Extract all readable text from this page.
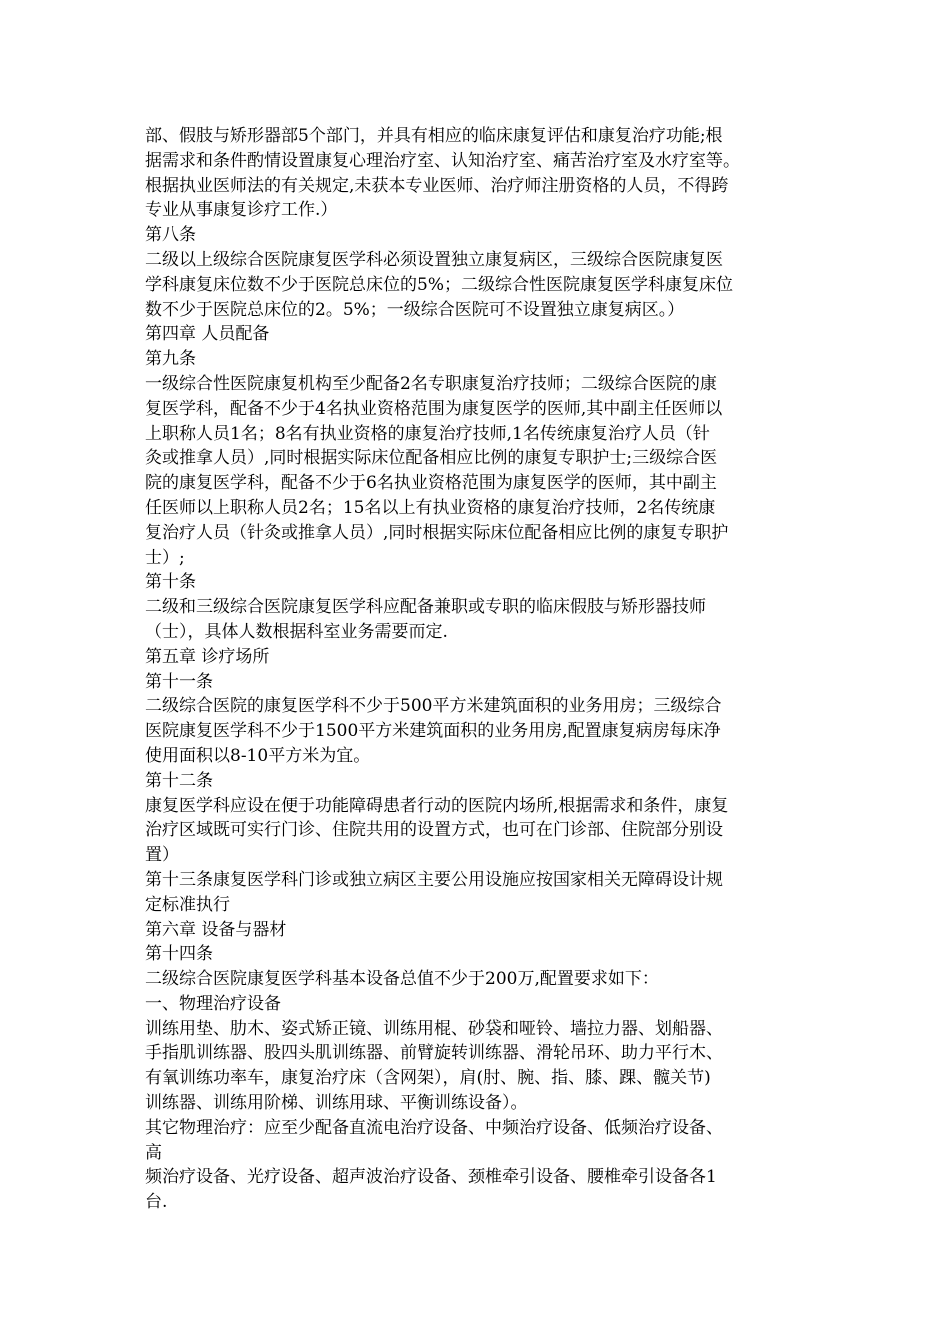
部、假肢与矫形器部5个部门，并具有相应的临床康复评估和康复治疗功能;根
据需求和条件酌情设置康复心理治疗室、认知治疗室、痛苦治疗室及水疗室等。
根据执业医师法的有关规定,未获本专业医师、治疗师注册资格的人员，不得跨
专业从事康复诊疗工作.）
第八条
二级以上级综合医院康复医学科必须设置独立康复病区，三级综合医院康复医
学科康复床位数不少于医院总床位的5%；二级综合性医院康复医学科康复床位
数不少于医院总床位的2。5%；一级综合医院可不设置独立康复病区。）
第四章 人员配备
第九条
一级综合性医院康复机构至少配备2名专职康复治疗技师；二级综合医院的康
复医学科，配备不少于4名执业资格范围为康复医学的医师,其中副主任医师以
上职称人员1名；8名有执业资格的康复治疗技师,1名传统康复治疗人员（针
灸或推拿人员）,同时根据实际床位配备相应比例的康复专职护士;三级综合医
院的康复医学科，配备不少于6名执业资格范围为康复医学的医师，其中副主
任医师以上职称人员2名；15名以上有执业资格的康复治疗技师，2名传统康
复治疗人员（针灸或推拿人员）,同时根据实际床位配备相应比例的康复专职护
士）;
第十条
二级和三级综合医院康复医学科应配备兼职或专职的临床假肢与矫形器技师
（士），具体人数根据科室业务需要而定.
第五章 诊疗场所
第十一条
二级综合医院的康复医学科不少于500平方米建筑面积的业务用房；三级综合
医院康复医学科不少于1500平方米建筑面积的业务用房,配置康复病房每床净
使用面积以8-10平方米为宜。
第十二条
康复医学科应设在便于功能障碍患者行动的医院内场所,根据需求和条件，康复
治疗区域既可实行门诊、住院共用的设置方式，也可在门诊部、住院部分别设
置）
第十三条康复医学科门诊或独立病区主要公用设施应按国家相关无障碍设计规
定标准执行
第六章 设备与器材
第十四条
二级综合医院康复医学科基本设备总值不少于200万,配置要求如下：
一、物理治疗设备
训练用垫、肋木、姿式矫正镜、训练用棍、砂袋和哑铃、墙拉力器、划船器、
手指肌训练器、股四头肌训练器、前臂旋转训练器、滑轮吊环、助力平行木、
有氧训练功率车，康复治疗床（含网架），肩(肘、腕、指、膝、踝、髋关节)
训练器、训练用阶梯、训练用球、平衡训练设备）。
其它物理治疗：应至少配备直流电治疗设备、中频治疗设备、低频治疗设备、
高
频治疗设备、光疗设备、超声波治疗设备、颈椎牵引设备、腰椎牵引设备各1
台.
